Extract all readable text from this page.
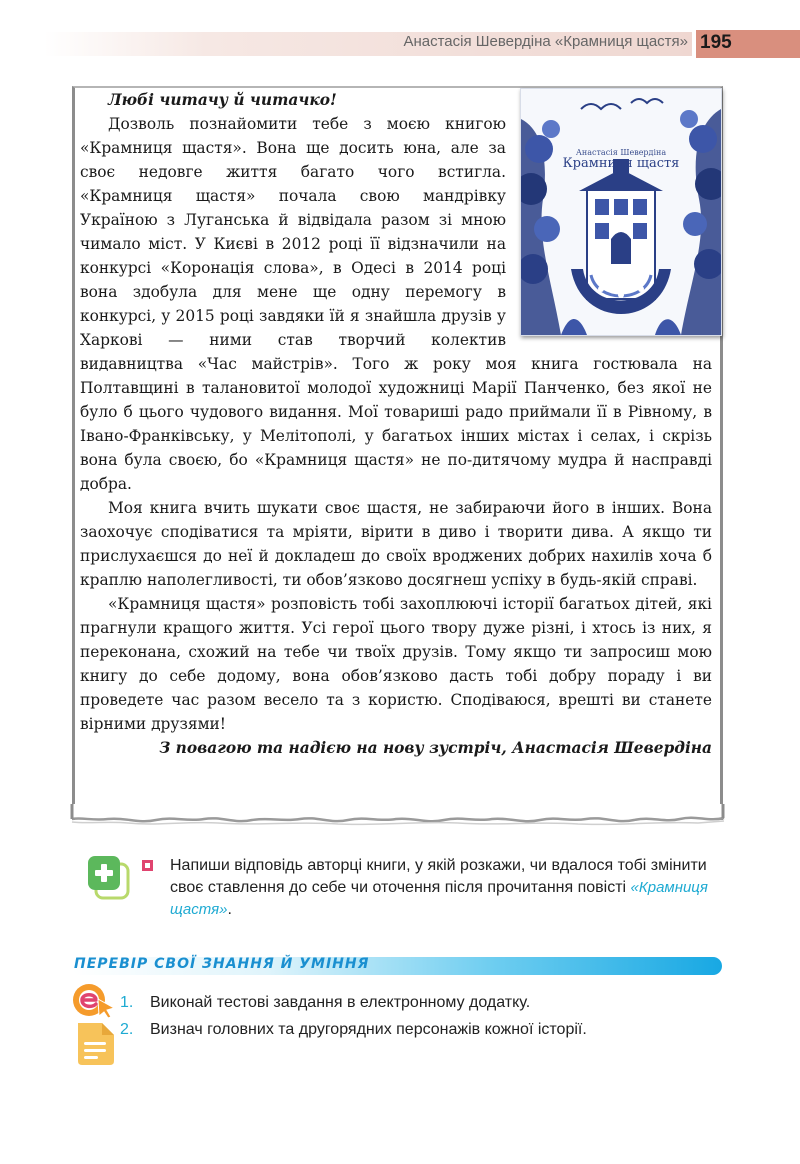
Анастасія Шевердіна «Крамниця щастя» 195
Анастасія Шевердіна
Крамниця щастя

Любі читачу й читачко!

Дозволь познайомити тебе з моєю книгою «Крамниця щастя». Вона ще досить юна, але за своє недовге життя багато чого встигла. «Крамниця щастя» почала свою мандрівку Україною з Луганська й відвідала разом зі мною чимало міст. У Києві в 2012 році її відзначили на конкурсі «Коронація слова», в Одесі в 2014 році вона здобула для мене ще одну перемогу в конкурсі, у 2015 році завдяки їй я знайшла друзів у Харкові — ними став творчий колектив видавництва «Час майстрів». Того ж року моя книга гостювала на Полтавщині в талановитої молодої художниці Марії Панченко, без якої не було б цього чудового видання. Мої товариші радо приймали її в Рівному, в Івано-Франківську, у Мелітополі, у багатьох інших містах і селах, і скрізь вона була своєю, бо «Крамниця щастя» не по-дитячому мудра й насправді добра.

Моя книга вчить шукати своє щастя, не забираючи його в інших. Вона заохочує сподіватися та мріяти, вірити в диво і творити дива. А якщо ти прислухаєшся до неї й докладеш до своїх вроджених добрих нахилів хоча б краплю наполегливості, ти обов’язково досягнеш успіху в будь-якій справі.

«Крамниця щастя» розповість тобі захоплюючі історії багатьох дітей, які прагнули кращого життя. Усі герої цього твору дуже різні, і хтось із них, я переконана, схожий на тебе чи твоїх друзів. Тому якщо ти запросиш мою книгу до себе додому, вона обов’язково дасть тобі добру пораду і ви проведете час разом весело та з користю. Сподіваюся, врешті ви станете вірними друзями!

З повагою та надією на нову зустріч, Анастасія Шевердіна

Напиши відповідь авторці книги, у якій розкажи, чи вдалося тобі змінити своє ставлення до себе чи оточення після прочитання повісті «Крамниця щастя».
ПЕРЕВІР СВОЇ ЗНАННЯ Й УМІННЯ
1. Виконай тестові завдання в електронному додатку.
2. Визнач головних та другорядних персонажів кожної історії.
